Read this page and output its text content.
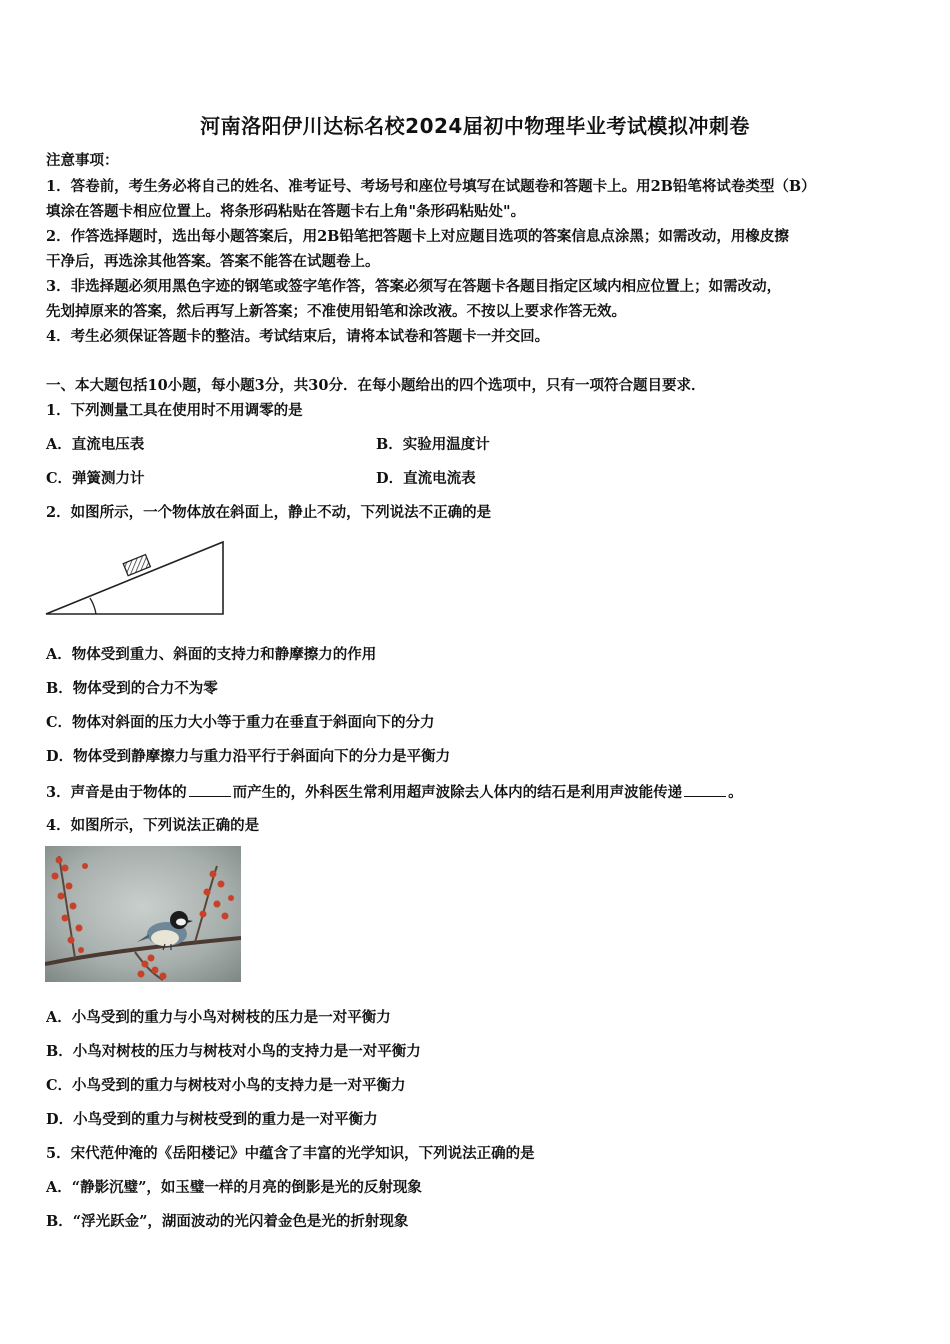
河南洛阳伊川达标名校2024届初中物理毕业考试模拟冲刺卷
注意事项：
1．答卷前，考生务必将自己的姓名、准考证号、考场号和座位号填写在试题卷和答题卡上。用2B铅笔将试卷类型（B）
填涂在答题卡相应位置上。将条形码粘贴在答题卡右上角"条形码粘贴处"。
2．作答选择题时，选出每小题答案后，用2B铅笔把答题卡上对应题目选项的答案信息点涂黑；如需改动，用橡皮擦
干净后，再选涂其他答案。答案不能答在试题卷上。
3．非选择题必须用黑色字迹的钢笔或签字笔作答，答案必须写在答题卡各题目指定区域内相应位置上；如需改动，
先划掉原来的答案，然后再写上新答案；不准使用铅笔和涂改液。不按以上要求作答无效。
4．考生必须保证答题卡的整洁。考试结束后，请将本试卷和答题卡一并交回。
一、本大题包括10小题，每小题3分，共30分．在每小题给出的四个选项中，只有一项符合题目要求．
1．下列测量工具在使用时不用调零的是
A．直流电压表	B．实验用温度计
C．弹簧测力计	D．直流电流表
2．如图所示，一个物体放在斜面上，静止不动，下列说法不正确的是
A．物体受到重力、斜面的支持力和静摩擦力的作用
B．物体受到的合力不为零
C．物体对斜面的压力大小等于重力在垂直于斜面向下的分力
D．物体受到静摩擦力与重力沿平行于斜面向下的分力是平衡力
3．声音是由于物体的	而产生的，外科医生常利用超声波除去人体内的结石是利用声波能传递	。
4．如图所示，下列说法正确的是
A．小鸟受到的重力与小鸟对树枝的压力是一对平衡力
B．小鸟对树枝的压力与树枝对小鸟的支持力是一对平衡力
C．小鸟受到的重力与树枝对小鸟的支持力是一对平衡力
D．小鸟受到的重力与树枝受到的重力是一对平衡力
5．宋代范仲淹的《岳阳楼记》中蕴含了丰富的光学知识，下列说法正确的是
A．“静影沉璧”，如玉璧一样的月亮的倒影是光的反射现象
B．“浮光跃金”，湖面波动的光闪着金色是光的折射现象
